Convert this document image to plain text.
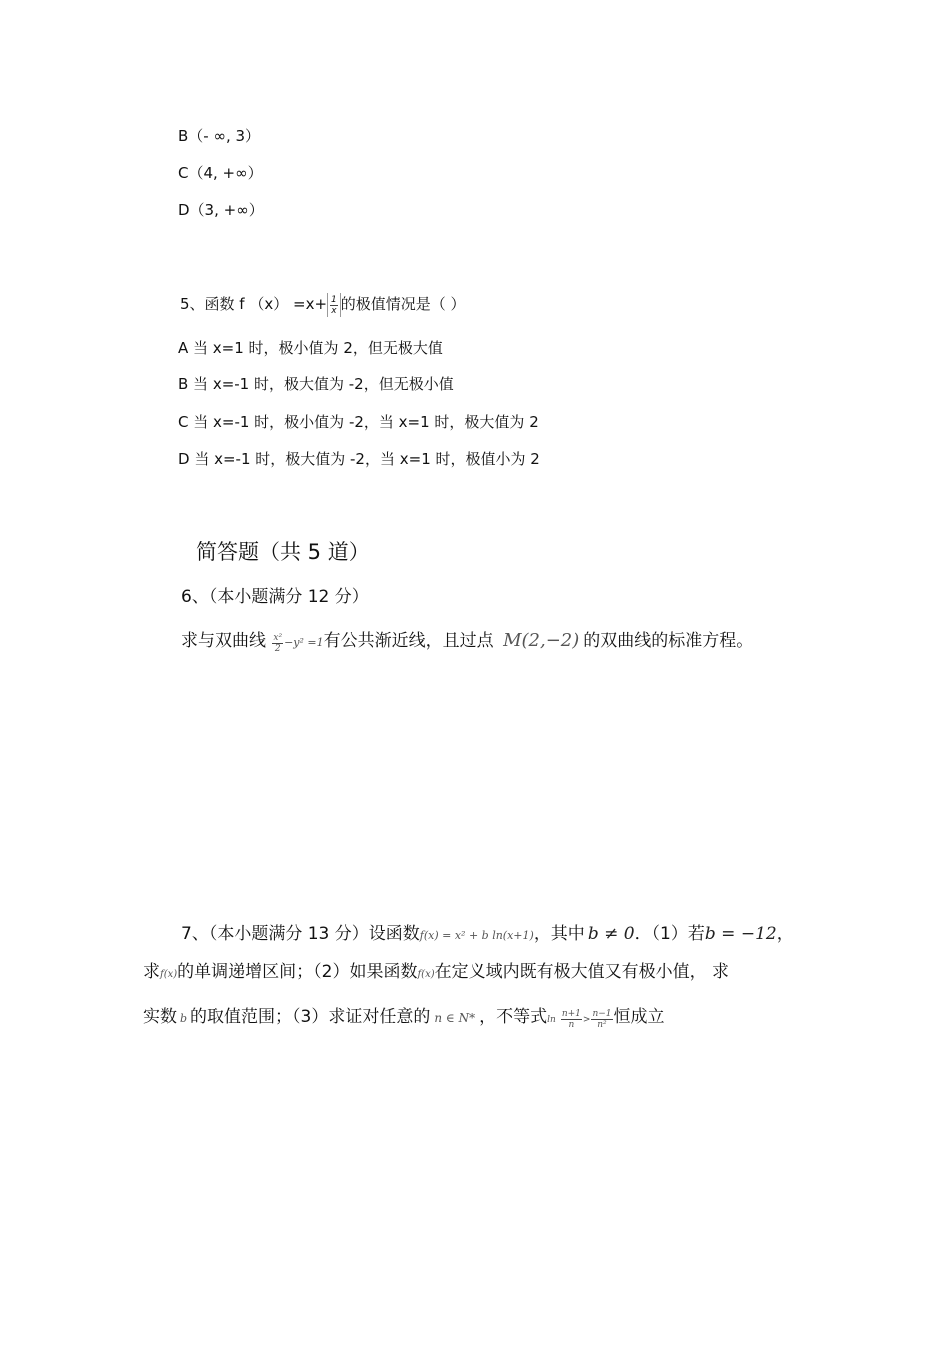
B（- ∞, 3）
C（4, +∞）
D（3, +∞）
5、函数 f $(x) =x+ \frac{1}{x}$ 的极值情况是（ ）
A 当 x=1 时，极小值为 2，但无极大值
B 当 x=-1 时，极大值为 -2，但无极小值
C 当 x=-1 时，极小值为 -2，当 x=1 时，极大值为 2
D 当 x=-1 时，极大值为 -2，当 x=1 时，极值小为 2
简答题（共 5 道）
6、（本小题满分 12 分）
求与双曲线 $\frac{\text{x²}}{2} -y^2 =1$有公共渐近线，且过点 M(2,−2) 的双曲线的标准方程。
7、（本小题满分 13 分）设函数f(x) = x² + b ln(x+1)，其中 b ≠ 0．（1）若b = −12，
求f(x)的单调递增区间；（2）如果函数f(x)在定义域内既有极大值又有极小值， 求
实数 b 的取值范围；（3）求证对任意的 n ∈ N* ，不等式$\ln \frac{n+1}{n} > \frac{n-1}{\text{n²}}$ 恒成立
